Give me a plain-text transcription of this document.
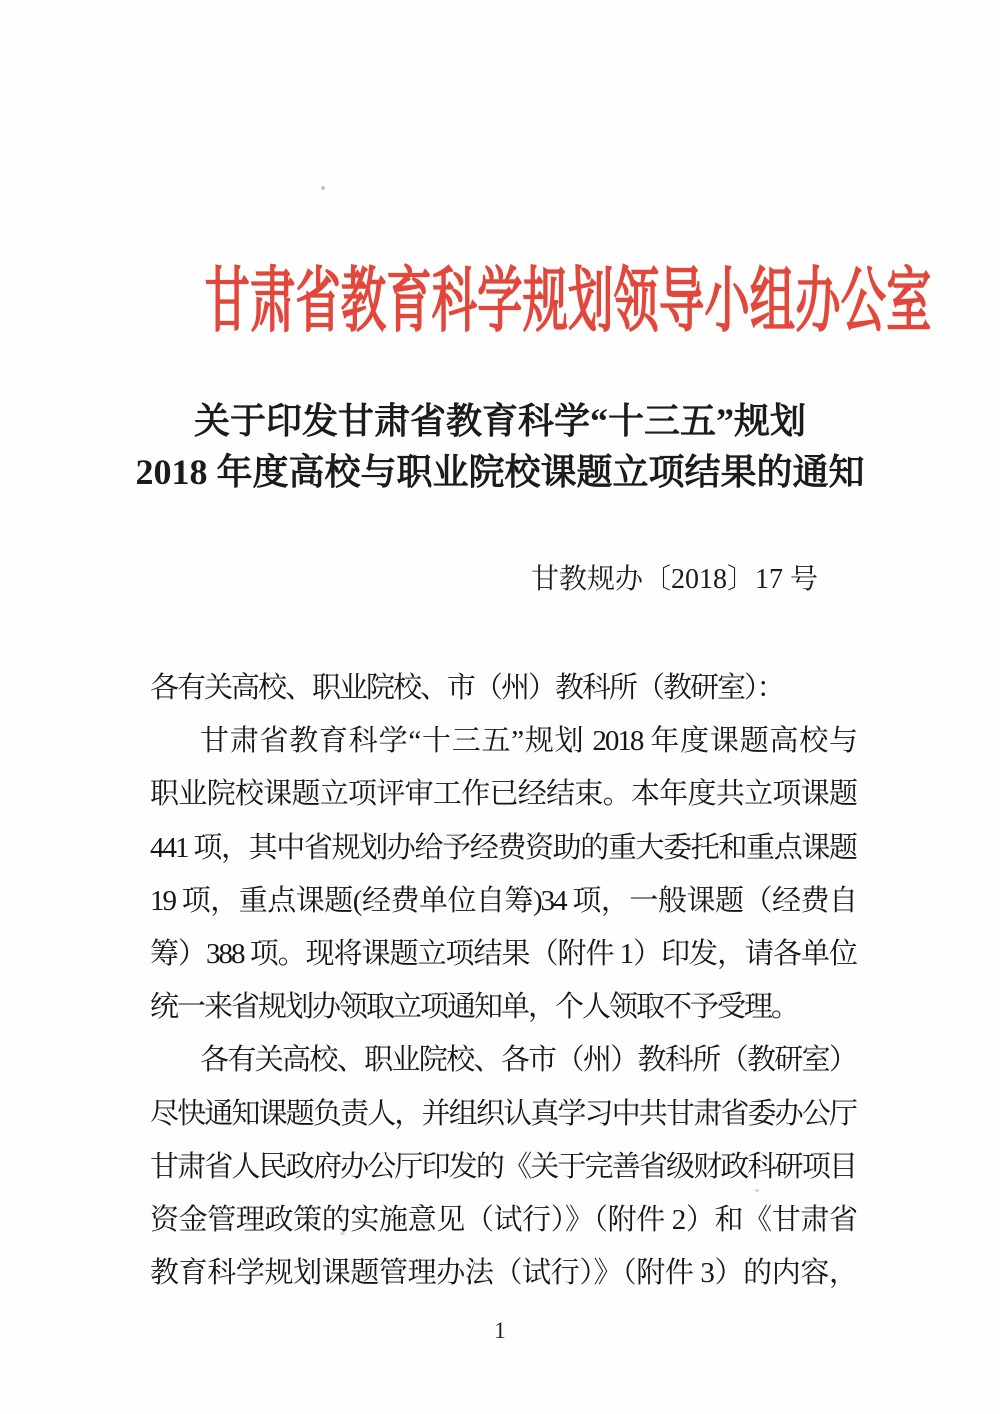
甘肃省教育科学规划领导小组办公室
关于印发甘肃省教育科学“十三五”规划
2018 年度高校与职业院校课题立项结果的通知
甘教规办〔2018〕17 号
各有关高校、职业院校、市（州）教科所（教研室）：
甘肃省教育科学“十三五”规划 2018 年度课题高校与
职业院校课题立项评审工作已经结束。本年度共立项课题
441 项，其中省规划办给予经费资助的重大委托和重点课题
19 项，重点课题(经费单位自筹)34 项，一般课题（经费自
筹）388 项。现将课题立项结果（附件 1）印发，请各单位
统一来省规划办领取立项通知单，个人领取不予受理。
各有关高校、职业院校、各市（州）教科所（教研室）
尽快通知课题负责人，并组织认真学习中共甘肃省委办公厅
甘肃省人民政府办公厅印发的《关于完善省级财政科研项目
资金管理政策的实施意见（试行）》（附件 2）和《甘肃省
教育科学规划课题管理办法（试行）》（附件 3）的内容，
1
